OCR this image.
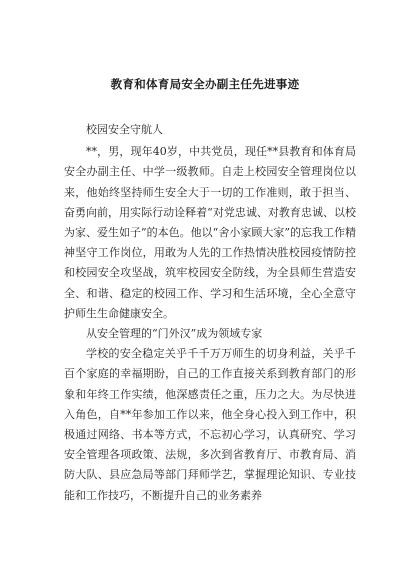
教育和体育局安全办副主任先进事迹

校园安全守航人

**，男，现年40岁，中共党员，现任**县教育和体育局安全办副主任、中学一级教师。自走上校园安全管理岗位以来，他始终坚持师生安全大于一切的工作准则，敢于担当、奋勇向前，用实际行动诠释着“对党忠诚、对教育忠诚、以校为家、爱生如子”的本色。他以“舍小家顾大家”的忘我工作精神坚守工作岗位，用敢为人先的工作热情决胜校园疫情防控和校园安全攻坚战，筑牢校园安全防线，为全县师生营造安全、和谐、稳定的校园工作、学习和生活环境，全心全意守护师生生命健康安全。

从安全管理的“门外汉”成为领域专家

学校的安全稳定关乎千千万万师生的切身利益，关乎千百个家庭的幸福期盼，自己的工作直接关系到教育部门的形象和年终工作实绩，他深感责任之重，压力之大。为尽快进入角色，自**年参加工作以来，他全身心投入到工作中，积极通过网络、书本等方式，不忘初心学习，认真研究、学习安全管理各项政策、法规，多次到省教育厅、市教育局、消防大队、县应急局等部门拜师学艺，掌握理论知识、专业技能和工作技巧，不断提升自己的业务素养
